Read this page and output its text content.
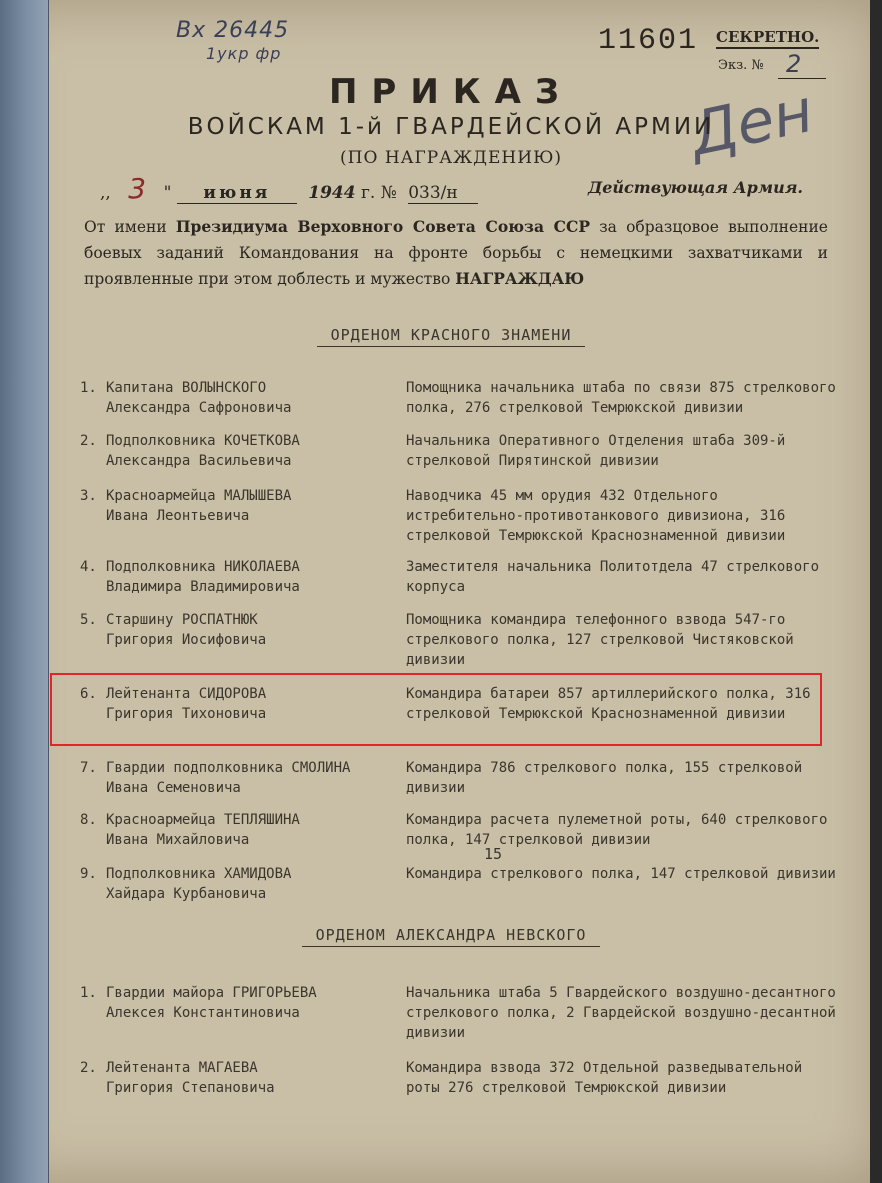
Вх 26445
1укр фр	11601 СЕКРЕТНО.
Экз. № 2
Ден
ПРИКАЗ
ВОЙСКАМ 1-й ГВАРДЕЙСКОЙ АРМИИ
(ПО НАГРАЖДЕНИЮ)
,, 3 " июня 1944 г. № 033/н	Действующая Армия.
От имени Президиума Верховного Совета Союза ССР за образцовое выполнение боевых заданий Командования на фронте борьбы с немецкими захватчиками и проявленные при этом доблесть и мужество НАГРАЖДАЮ
ОРДЕНОМ КРАСНОГО ЗНАМЕНИ
1. Капитана ВОЛЫНСКОГО
Александра Сафроновича
Помощника начальника штаба по связи 875 стрелкового полка, 276 стрелковой Темрюкской дивизии
2. Подполковника КОЧЕТКОВА
Александра Васильевича
Начальника Оперативного Отделения штаба 309-й стрелковой Пирятинской дивизии
3. Красноармейца МАЛЫШЕВА
Ивана Леонтьевича
Наводчика 45 мм орудия 432 Отдельного истребительно-противотанкового дивизиона, 316 стрелковой Темрюкской Краснознаменной дивизии
4. Подполковника НИКОЛАЕВА
Владимира Владимировича
Заместителя начальника Политотдела 47 стрелкового корпуса
5. Старшину РОСПАТНЮК
Григория Иосифовича
Помощника командира телефонного взвода 547-го стрелкового полка, 127 стрелковой Чистяковской дивизии
6. Лейтенанта СИДОРОВА
Григория Тихоновича
Командира батареи 857 артиллерийского полка, 316 стрелковой Темрюкской Краснознаменной дивизии
7. Гвардии подполковника СМОЛИНА
Ивана Семеновича
Командира 786 стрелкового полка, 155 стрелковой дивизии
8. Красноармейца ТЕПЛЯШИНА
Ивана Михайловича
Командира расчета пулеметной роты, 640 стрелкового полка, 147 стрелковой дивизии
9. Подполковника ХАМИДОВА
Хайдара Курбановича
Командира стрелкового полка, 147 стрелковой дивизии
15
ОРДЕНОМ АЛЕКСАНДРА НЕВСКОГО
1. Гвардии майора ГРИГОРЬЕВА
Алексея Константиновича
Начальника штаба 5 Гвардейского воздушно-десантного стрелкового полка, 2 Гвардейской воздушно-десантной дивизии
2. Лейтенанта МАГАЕВА
Григория Степановича
Командира взвода 372 Отдельной разведывательной роты 276 стрелковой Темрюкской дивизии
